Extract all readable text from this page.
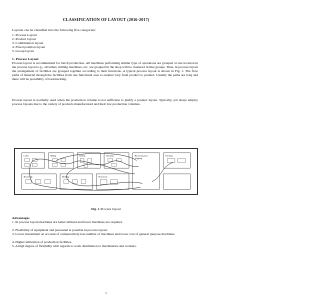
CLASSIFICATION OF LAYOUT (2016-2017)
Layouts can be classified into the following five categories:
1. Process Layout
2. Product layout
3. Combination layout
4. Fixed position layout
5. Group layout
1- Process Layout
Process layout is recommended for batch production. All machines performing similar type of operations are grouped at one location in the process layout e.g., all lathes, milling machines, etc. are grouped in the shop will be clustered in like groups. Thus, in process layout the arrangement of facilities are grouped together according to their functions. A typical process layout is shown in Fig. 1. The flow paths of material through the facilities from one functional area to another vary from product to product. Usually the paths are long and there will be possibility of backtracking.
Process layout is normally used when the production volume is not sufficient to justify a product layout. Typically, job shops employ process layouts due to the variety of products manufactured and their low production volumes.
Lathe	Milling	Drilling	Grinding	Receiving and
shipping
Painting
Assembly	Welding	Heat treat
Fig. 1 Process layout
Advantages
1. In process layout machines are better utilized and fewer machines are required.
2. Flexibility of equipment and personnel is possible in process layout.
3. Lower investment on account of comparatively less number of machines and lower cost of general purpose machines.
4. Higher utilization of production facilities.
5. A high degree of flexibility with regards to work distribution to machineries and workers.
1
